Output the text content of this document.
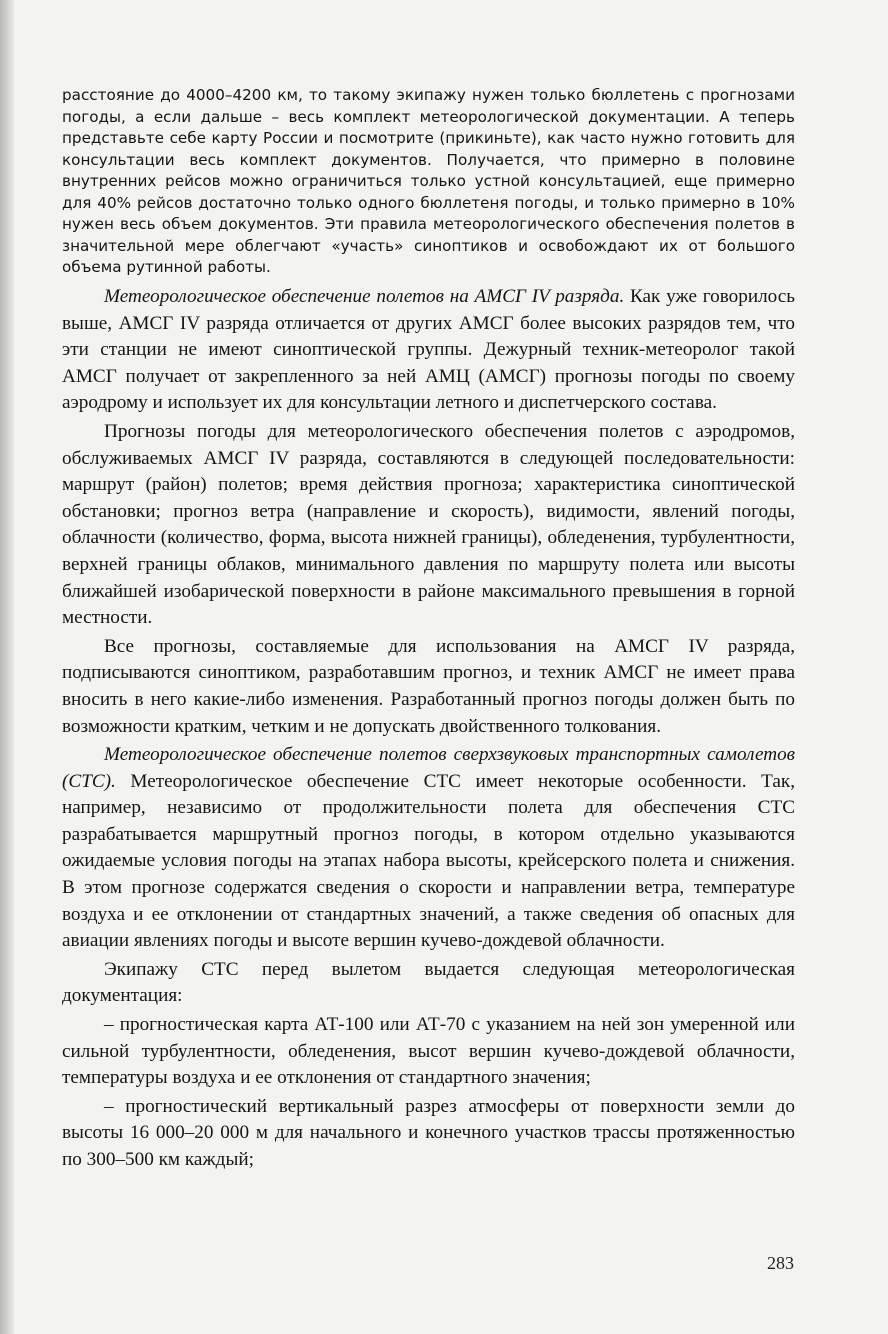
расстояние до 4000–4200 км, то такому экипажу нужен только бюллетень с прогнозами погоды, а если дальше – весь комплект метеорологической документации. А теперь представьте себе карту России и посмотрите (прикиньте), как часто нужно готовить для консультации весь комплект документов. Получается, что примерно в половине внутренних рейсов можно ограничиться только устной консультацией, еще примерно для 40% рейсов достаточно только одного бюллетеня погоды, и только примерно в 10% нужен весь объем документов. Эти правила метеорологического обеспечения полетов в значительной мере облегчают «участь» синоптиков и освобождают их от большого объема рутинной работы.

Метеорологическое обеспечение полетов на АМСГ IV разряда. Как уже говорилось выше, АМСГ IV разряда отличается от других АМСГ более высоких разрядов тем, что эти станции не имеют синоптической группы. Дежурный техник-метеоролог такой АМСГ получает от закрепленного за ней АМЦ (АМСГ) прогнозы погоды по своему аэродрому и использует их для консультации летного и диспетчерского состава.

Прогнозы погоды для метеорологического обеспечения полетов с аэродромов, обслуживаемых АМСГ IV разряда, составляются в следующей последовательности: маршрут (район) полетов; время действия прогноза; характеристика синоптической обстановки; прогноз ветра (направление и скорость), видимости, явлений погоды, облачности (количество, форма, высота нижней границы), обледенения, турбулентности, верхней границы облаков, минимального давления по маршруту полета или высоты ближайшей изобарической поверхности в районе максимального превышения в горной местности.

Все прогнозы, составляемые для использования на АМСГ IV разряда, подписываются синоптиком, разработавшим прогноз, и техник АМСГ не имеет права вносить в него какие-либо изменения. Разработанный прогноз погоды должен быть по возможности кратким, четким и не допускать двойственного толкования.

Метеорологическое обеспечение полетов сверхзвуковых транспортных самолетов (СТС). Метеорологическое обеспечение СТС имеет некоторые особенности. Так, например, независимо от продолжительности полета для обеспечения СТС разрабатывается маршрутный прогноз погоды, в котором отдельно указываются ожидаемые условия погоды на этапах набора высоты, крейсерского полета и снижения. В этом прогнозе содержатся сведения о скорости и направлении ветра, температуре воздуха и ее отклонении от стандартных значений, а также сведения об опасных для авиации явлениях погоды и высоте вершин кучево-дождевой облачности.

Экипажу СТС перед вылетом выдается следующая метеорологическая документация:

– прогностическая карта АТ-100 или АТ-70 с указанием на ней зон умеренной или сильной турбулентности, обледенения, высот вершин кучево-дождевой облачности, температуры воздуха и ее отклонения от стандартного значения;

– прогностический вертикальный разрез атмосферы от поверхности земли до высоты 16 000–20 000 м для начального и конечного участков трассы протяженностью по 300–500 км каждый;

283
